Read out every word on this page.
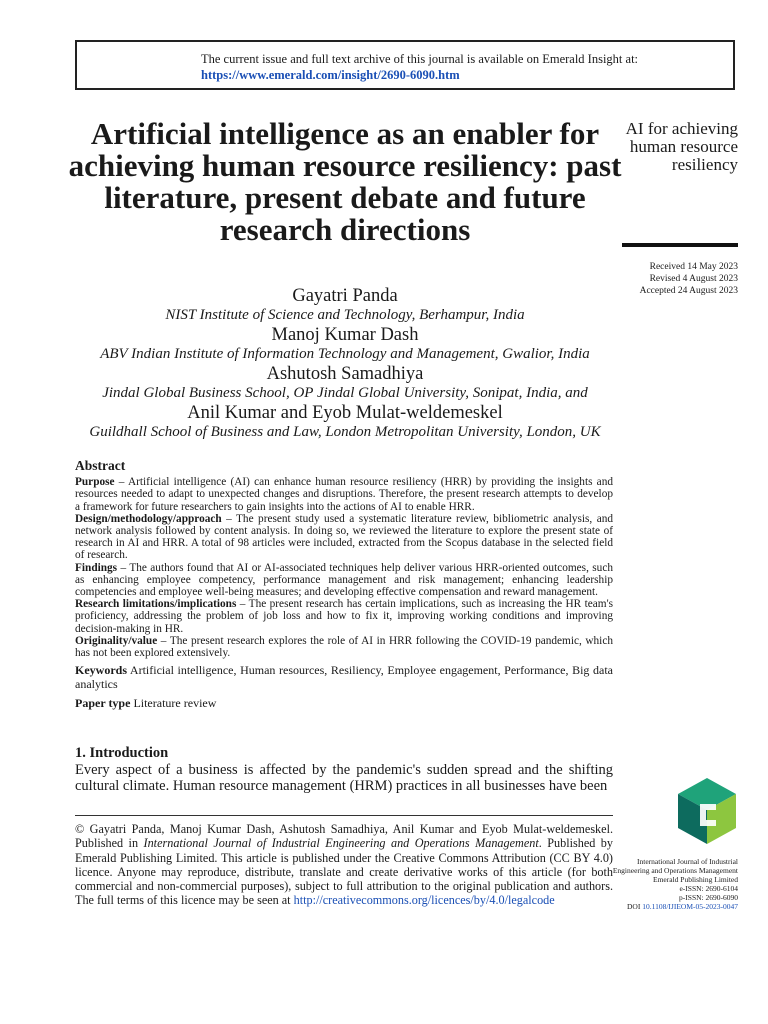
The current issue and full text archive of this journal is available on Emerald Insight at:
https://www.emerald.com/insight/2690-6090.htm
Artificial intelligence as an enabler for achieving human resource resiliency: past literature, present debate and future research directions
AI for achieving human resource resiliency
Received 14 May 2023
Revised 4 August 2023
Accepted 24 August 2023
Gayatri Panda
NIST Institute of Science and Technology, Berhampur, India
Manoj Kumar Dash
ABV Indian Institute of Information Technology and Management, Gwalior, India
Ashutosh Samadhiya
Jindal Global Business School, OP Jindal Global University, Sonipat, India, and
Anil Kumar and Eyob Mulat-weldemeskel
Guildhall School of Business and Law, London Metropolitan University, London, UK
Abstract

Purpose – Artificial intelligence (AI) can enhance human resource resiliency (HRR) by providing the insights and resources needed to adapt to unexpected changes and disruptions. Therefore, the present research attempts to develop a framework for future researchers to gain insights into the actions of AI to enable HRR.

Design/methodology/approach – The present study used a systematic literature review, bibliometric analysis, and network analysis followed by content analysis. In doing so, we reviewed the literature to explore the present state of research in AI and HRR. A total of 98 articles were included, extracted from the Scopus database in the selected field of research.

Findings – The authors found that AI or AI-associated techniques help deliver various HRR-oriented outcomes, such as enhancing employee competency, performance management and risk management; enhancing leadership competencies and employee well-being measures; and developing effective compensation and reward management.

Research limitations/implications – The present research has certain implications, such as increasing the HR team's proficiency, addressing the problem of job loss and how to fix it, improving working conditions and improving decision-making in HR.

Originality/value – The present research explores the role of AI in HRR following the COVID-19 pandemic, which has not been explored extensively.

Keywords Artificial intelligence, Human resources, Resiliency, Employee engagement, Performance, Big data analytics
Paper type Literature review
1. Introduction
Every aspect of a business is affected by the pandemic's sudden spread and the shifting cultural climate. Human resource management (HRM) practices in all businesses have been
© Gayatri Panda, Manoj Kumar Dash, Ashutosh Samadhiya, Anil Kumar and Eyob Mulat-weldemeskel. Published in International Journal of Industrial Engineering and Operations Management. Published by Emerald Publishing Limited. This article is published under the Creative Commons Attribution (CC BY 4.0) licence. Anyone may reproduce, distribute, translate and create derivative works of this article (for both commercial and non-commercial purposes), subject to full attribution to the original publication and authors. The full terms of this licence may be seen at http://creativecommons.org/licences/by/4.0/legalcode
International Journal of Industrial Engineering and Operations Management
Emerald Publishing Limited
e-ISSN: 2690-6104
p-ISSN: 2690-6090
DOI 10.1108/IJIEOM-05-2023-0047
